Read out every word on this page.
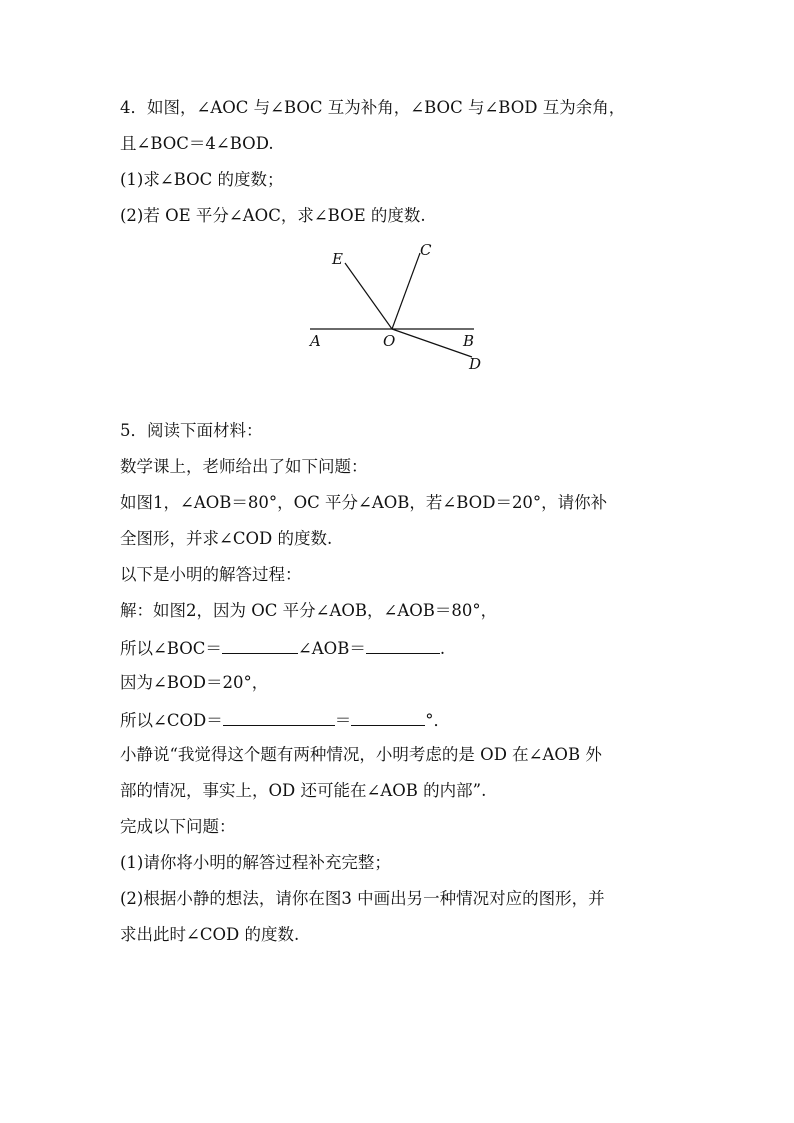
4．如图，∠AOC 与∠BOC 互为补角，∠BOC 与∠BOD 互为余角，
且∠BOC＝4∠BOD.
(1)求∠BOC 的度数；
(2)若 OE 平分∠AOC，求∠BOE 的度数.
E	C
A	O	B
D
5．阅读下面材料：
数学课上，老师给出了如下问题：
如图1，∠AOB＝80°，OC 平分∠AOB，若∠BOD＝20°，请你补
全图形，并求∠COD 的度数.
以下是小明的解答过程：
解：如图2，因为 OC 平分∠AOB，∠AOB＝80°，
所以∠BOC＝	∠AOB＝	.
因为∠BOD＝20°，
所以∠COD＝	＝	°．
小静说“我觉得这个题有两种情况，小明考虑的是 OD 在∠AOB 外
部的情况，事实上，OD 还可能在∠AOB 的内部”.
完成以下问题：
(1)请你将小明的解答过程补充完整；
(2)根据小静的想法，请你在图3 中画出另一种情况对应的图形，并
求出此时∠COD 的度数.
